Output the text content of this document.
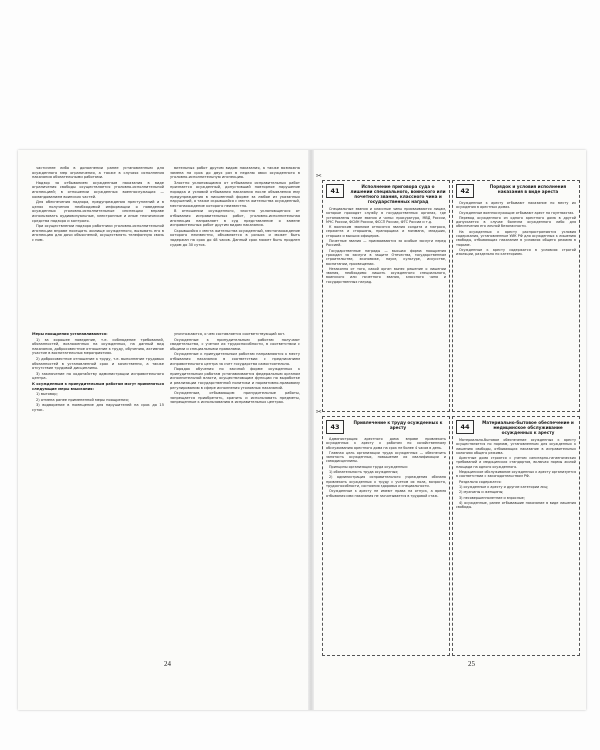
частичнее либо в дополнении ранее установленным для осужденного мер ограничения, а также в случаях исполнения наказания обязательными работами.

Надзор за отбыванием осужденным наказания в виде ограничения свободы осуществляется уголовно-исполнительной инспекцией; в отношении осужденных военнослужащих — командованием воинских частей.

Для обеспечения надзора, предупреждения преступлений и в целях получения необходимой информации о поведении осужденных уголовно-исполнительные инспекции вправе использовать аудиовизуальные, электронные и иные технические средства надзора и контроля.

При осуществлении надзора работники уголовно-исполнительной инспекции вправе посещать жилище осужденного, вызывать его в инспекцию для дачи объяснений, осуществлять телефонную связь с ним.

вительных работ другим видом наказания, а также возможна замена на срок до двух раз в неделю явки осужденного в уголовно-исполнительную инспекцию.

Злостно уклоняющимся от отбывания исправительных работ признается осужденный, допустивший повторное нарушение порядка и условий отбывания наказания после объявления ему предупреждения в письменной форме за любое из указанных нарушений, а также скрывшийся с места жительства осужденный, местонахождение которого неизвестно.

В отношении осужденного, злостно уклоняющегося от отбывания исправительных работ, уголовно-исполнительная инспекция направляет в суд представление о замене исправительных работ другим видом наказания.

Скрывшийся с места жительства осужденный, местонахождение которого неизвестно, объявляется в розыск и может быть задержан на срок до 48 часов. Данный срок может быть продлен судом до 30 суток.

Меры поощрения устанавливаются:

1) за хорошее поведение, т.е. соблюдение требований, обязанностей, возложенных на осужденных, на данный вид наказания, добросовестное отношение к труду, обучению, активное участие в воспитательных мероприятиях.

2) добросовестное отношение к труду, т.е. выполнение трудовых обязанностей в установленной срок и качественно, а также отсутствие трудовой дисциплины.

3) заключение по ходатайству администрации исправительного центра.

К осужденным к принудительным работам могут применяться следующие меры взыскания:

1) выговор;

2) отмена ранее примененной меры поощрения;

3) водворение в помещение для нарушителей на срок до 15 суток.

уничтожаются, о чем составляется соответствующий акт.

Осужденные к принудительным работам получают свидетельства, с учетом их трудоспособности, в соответствии с общими и специальными правилами.

Осужденные к принудительным работам направляются к месту отбывания наказания в соответствии с предписанием исправительного центра за счет государства самостоятельно.

Порядок обучения по заочной форме осужденных к принудительным работам устанавливается федеральным органом исполнительной власти, осуществляющим функции по выработке и реализации государственной политики и нормативно-правовому регулированию в сфере исполнения уголовных наказаний.

Осужденным, отбывающим принудительные работы, запрещается приобретать, хранить и использовать предметы, запрещенные к использованию в исправительных центрах.

24
41
Исполнение приговора суда о лишении специального, воинского или почетного звания, классного чина и государственных наград

Специальные звания и классные чины присваиваются лицам, которые проходят службу в государственных органах, где установлены такие звания и чины: прокуратура, МВД России, МЧС России, ФСИН России, ФССП России, ФТС России и т.д.

К воинским званиям относятся звания солдата и матроса, сержанта и старшины, прапорщика и мичмана, младших, старших и высших офицеров.

Почетные звания — присваиваются за особые заслуги перед Россией.

Государственные награды — высшая форма поощрения граждан за заслуги в защите Отечества, государственном строительстве, экономике, науке, культуре, искусстве, воспитании, просвещении.

Незаконно от того, какой орган вынес решение о лишении звания, необходимо лишить осужденного специального, воинского или почетного звания, классного чина и государственных наград.

42
Порядок и условия исполнения наказания в виде ареста

Осужденные к аресту отбывают наказание по месту их осуждения в арестных домах.

Осужденные военнослужащие отбывают арест на гауптвахтах.

Перевод осужденного из одного арестного дома в другой допускается в случае болезни осужденного либо для обеспечения его личной безопасности.

На осужденных к аресту распространяются условия содержания, установленные УИК РФ для осужденных к лишению свободы, отбывающих наказание в условиях общего режима в тюрьме.

Осужденные к аресту содержатся в условиях строгой изоляции, раздельно по категориям.

43
Привлечение к труду осужденных к аресту

Администрация арестного дома вправе привлекать осужденных к аресту к работам по хозяйственному обслуживанию арестного дома на срок не более 4 часов в день.

Главная цель организации труда осужденных — обеспечить занятость осужденных, повышение их квалификации и самодисциплины.

Принципы организации труда осужденных:

1) обязательность труда осужденных;

2) администрация исправительного учреждения обязана привлекать осужденных к труду с учетом их пола, возраста, трудоспособности, состояния здоровья и специальности.

Осужденные к аресту не имеют права на отпуск, а время отбывания ими наказания не засчитывается в трудовой стаж.

44
Материально-бытовое обеспечение и медицинское обслуживание осужденных к аресту

Материально-бытовое обеспечение осужденных к аресту осуществляется по нормам, установленным для осужденных к лишению свободы, отбывающих наказание в исправительных колониях общего режима.

Арестные дома строятся с учетом санитарно-гигиенических требований и медицинских стандартов, включая нормы жилой площади на одного осужденного.

Медицинское обслуживание осужденных к аресту организуется в соответствии с законодательством РФ.

Раздельно содержатся:

1) осужденные к аресту и другие категории лиц;

2) мужчины и женщины;

3) несовершеннолетние и взрослые;

4) осужденные, ранее отбывавшие наказание в виде лишения свободы.

✂
✂
25
